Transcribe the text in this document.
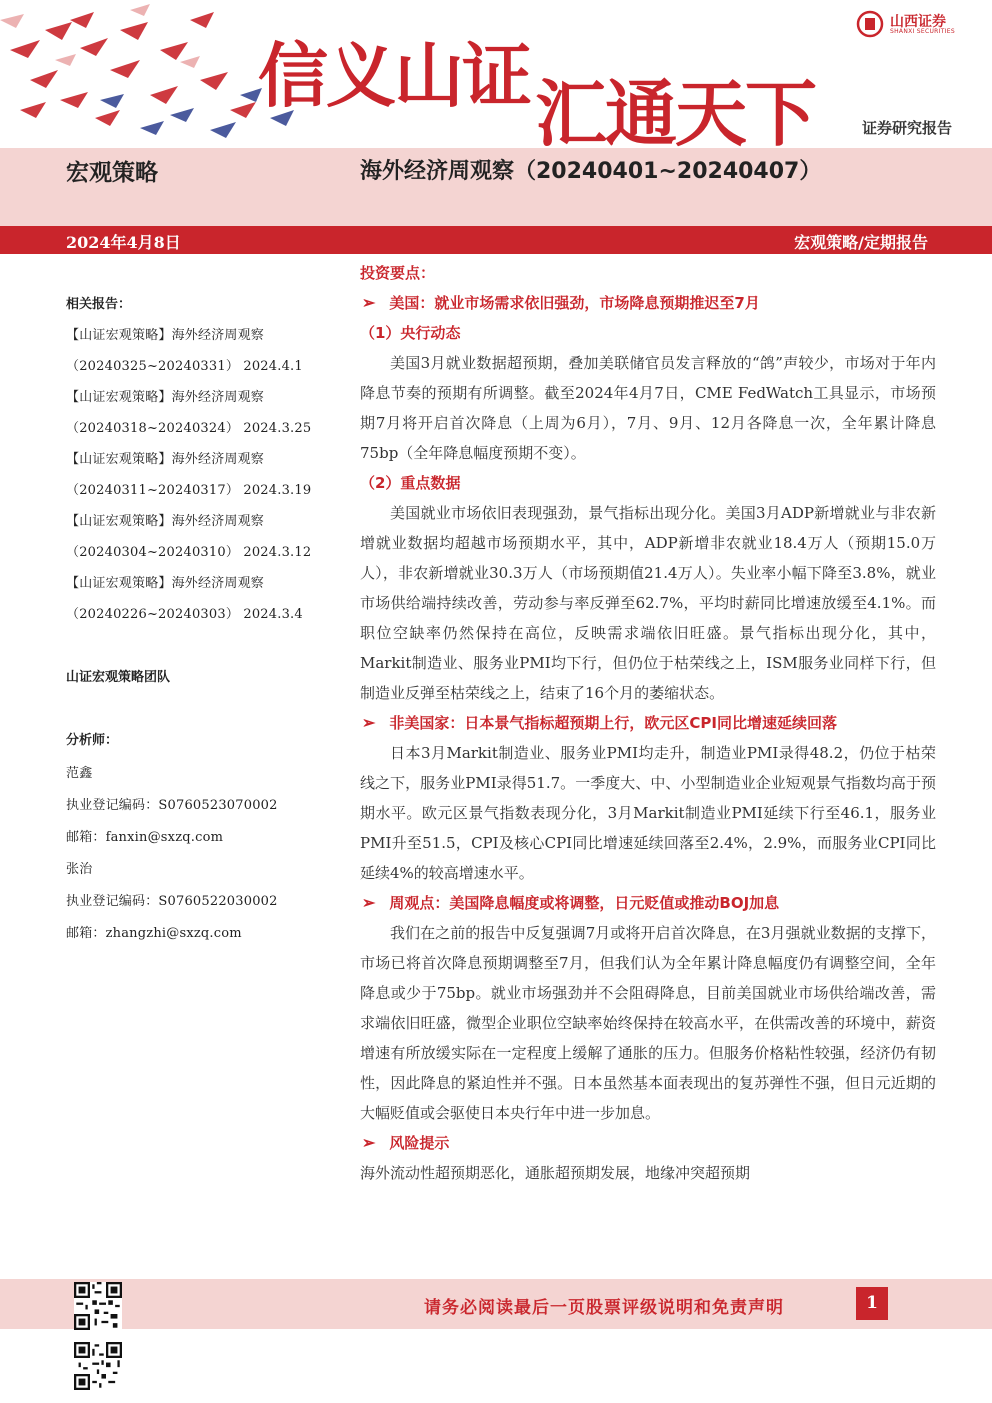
信义山证 汇通天下
山西证券
SHANXI SECURITIES
证券研究报告
宏观策略	海外经济周观察（20240401~20240407）
2024年4月8日	宏观策略/定期报告
相关报告：
【山证宏观策略】海外经济周观察
（20240325~20240331） 2024.4.1
【山证宏观策略】海外经济周观察
（20240318~20240324） 2024.3.25
【山证宏观策略】海外经济周观察
（20240311~20240317） 2024.3.19
【山证宏观策略】海外经济周观察
（20240304~20240310） 2024.3.12
【山证宏观策略】海外经济周观察
（20240226~20240303） 2024.3.4
山证宏观策略团队
分析师：
范鑫
执业登记编码：S0760523070002
邮箱：fanxin@sxzq.com
张治
执业登记编码：S0760522030002
邮箱：zhangzhi@sxzq.com
投资要点：
➢ 美国：就业市场需求依旧强劲，市场降息预期推迟至7月
（1）央行动态

美国3月就业数据超预期，叠加美联储官员发言释放的“鸽”声较少，市场对于年内降息节奏的预期有所调整。截至2024年4月7日，CME FedWatch工具显示，市场预期7月将开启首次降息（上周为6月），7月、9月、12月各降息一次，全年累计降息75bp（全年降息幅度预期不变）。

（2）重点数据

美国就业市场依旧表现强劲，景气指标出现分化。美国3月ADP新增就业与非农新增就业数据均超越市场预期水平，其中，ADP新增非农就业18.4万人（预期15.0万人），非农新增就业30.3万人（市场预期值21.4万人）。失业率小幅下降至3.8%，就业市场供给端持续改善，劳动参与率反弹至62.7%，平均时薪同比增速放缓至4.1%。而职位空缺率仍然保持在高位，反映需求端依旧旺盛。景气指标出现分化，其中，Markit制造业、服务业PMI均下行，但仍位于枯荣线之上，ISM服务业同样下行，但制造业反弹至枯荣线之上，结束了16个月的萎缩状态。

➢ 非美国家：日本景气指标超预期上行，欧元区CPI同比增速延续回落

日本3月Markit制造业、服务业PMI均走升，制造业PMI录得48.2，仍位于枯荣线之下，服务业PMI录得51.7。一季度大、中、小型制造业企业短观景气指数均高于预期水平。欧元区景气指数表现分化，3月Markit制造业PMI延续下行至46.1，服务业PMI升至51.5，CPI及核心CPI同比增速延续回落至2.4%，2.9%，而服务业CPI同比延续4%的较高增速水平。

➢ 周观点：美国降息幅度或将调整，日元贬值或推动BOJ加息

我们在之前的报告中反复强调7月或将开启首次降息，在3月强就业数据的支撑下，市场已将首次降息预期调整至7月，但我们认为全年累计降息幅度仍有调整空间，全年降息或少于75bp。就业市场强劲并不会阻碍降息，目前美国就业市场供给端改善，需求端依旧旺盛，微型企业职位空缺率始终保持在较高水平，在供需改善的环境中，薪资增速有所放缓实际在一定程度上缓解了通胀的压力。但服务价格粘性较强，经济仍有韧性，因此降息的紧迫性并不强。日本虽然基本面表现出的复苏弹性不强，但日元近期的大幅贬值或会驱使日本央行年中进一步加息。

➢ 风险提示

海外流动性超预期恶化，通胀超预期发展，地缘冲突超预期

请务必阅读最后一页股票评级说明和免责声明	1
